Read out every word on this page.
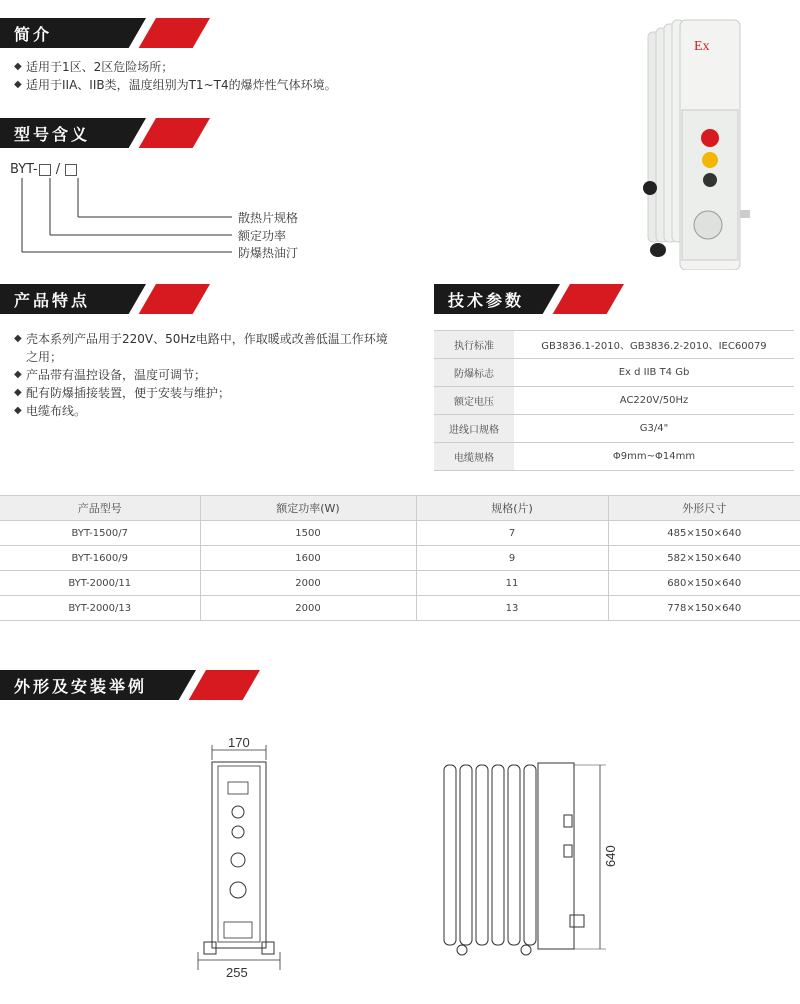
简介
◆ 适用于1区、2区危险场所；
◆ 适用于IIA、IIB类，温度组别为T1~T4的爆炸性气体环境。
型号含义
BYT- /
散热片规格
额定功率
防爆热油汀
Ex
产品特点
◆ 壳本系列产品用于220V、50Hz电路中，作取暖或改善低温工作环境之用；
◆ 产品带有温控设备，温度可调节；
◆ 配有防爆插接装置，便于安装与维护；
◆ 电缆布线。
技术参数
执行标准	GB3836.1-2010、GB3836.2-2010、IEC60079
防爆标志	Ex d IIB T4 Gb
额定电压	AC220V/50Hz
进线口规格	G3/4"
电缆规格	Φ9mm~Φ14mm
产品型号	额定功率(W)	规格(片)	外形尺寸
BYT-1500/7	1500	7	485×150×640
BYT-1600/9	1600	9	582×150×640
BYT-2000/11	2000	11	680×150×640
BYT-2000/13	2000	13	778×150×640
外形及安装举例
170
255
640
